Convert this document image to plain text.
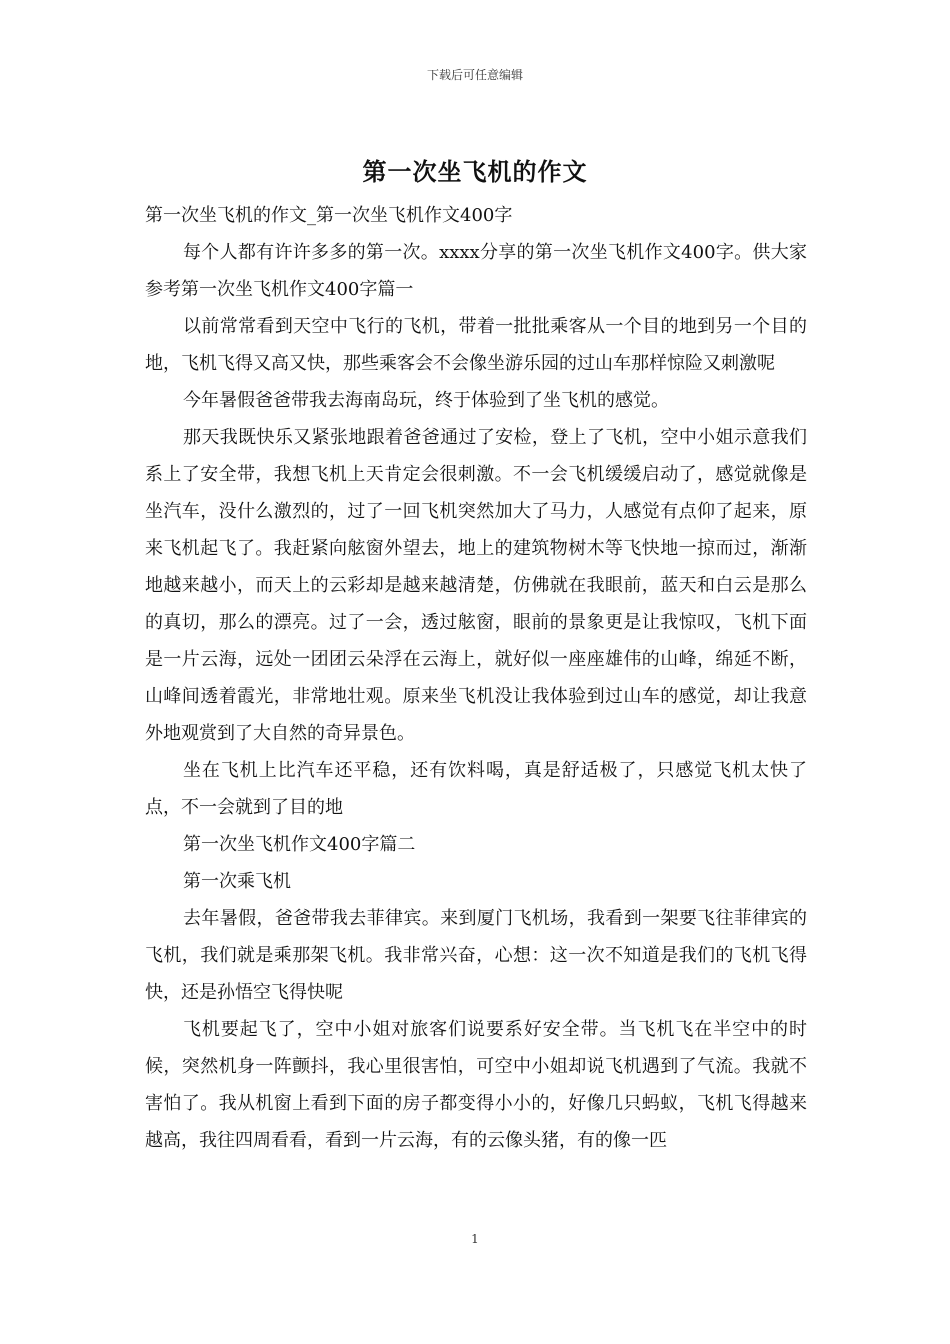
下载后可任意编辑
第一次坐飞机的作文

第一次坐飞机的作文_第一次坐飞机作文400字

每个人都有许许多多的第一次。xxxx分享的第一次坐飞机作文400字。供大家参考第一次坐飞机作文400字篇一

以前常常看到天空中飞行的飞机，带着一批批乘客从一个目的地到另一个目的地，飞机飞得又高又快，那些乘客会不会像坐游乐园的过山车那样惊险又刺激呢

今年暑假爸爸带我去海南岛玩，终于体验到了坐飞机的感觉。

那天我既快乐又紧张地跟着爸爸通过了安检，登上了飞机，空中小姐示意我们系上了安全带，我想飞机上天肯定会很刺激。不一会飞机缓缓启动了，感觉就像是坐汽车，没什么激烈的，过了一回飞机突然加大了马力，人感觉有点仰了起来，原来飞机起飞了。我赶紧向舷窗外望去，地上的建筑物树木等飞快地一掠而过，渐渐地越来越小，而天上的云彩却是越来越清楚，仿佛就在我眼前，蓝天和白云是那么的真切，那么的漂亮。过了一会，透过舷窗，眼前的景象更是让我惊叹，飞机下面是一片云海，远处一团团云朵浮在云海上，就好似一座座雄伟的山峰，绵延不断，山峰间透着霞光，非常地壮观。原来坐飞机没让我体验到过山车的感觉，却让我意外地观赏到了大自然的奇异景色。

坐在飞机上比汽车还平稳，还有饮料喝，真是舒适极了，只感觉飞机太快了点，不一会就到了目的地

第一次坐飞机作文400字篇二

第一次乘飞机

去年暑假，爸爸带我去菲律宾。来到厦门飞机场，我看到一架要飞往菲律宾的飞机，我们就是乘那架飞机。我非常兴奋，心想：这一次不知道是我们的飞机飞得快，还是孙悟空飞得快呢

飞机要起飞了，空中小姐对旅客们说要系好安全带。当飞机飞在半空中的时候，突然机身一阵颤抖，我心里很害怕，可空中小姐却说飞机遇到了气流。我就不害怕了。我从机窗上看到下面的房子都变得小小的，好像几只蚂蚁，飞机飞得越来越高，我往四周看看，看到一片云海，有的云像头猪，有的像一匹

1
